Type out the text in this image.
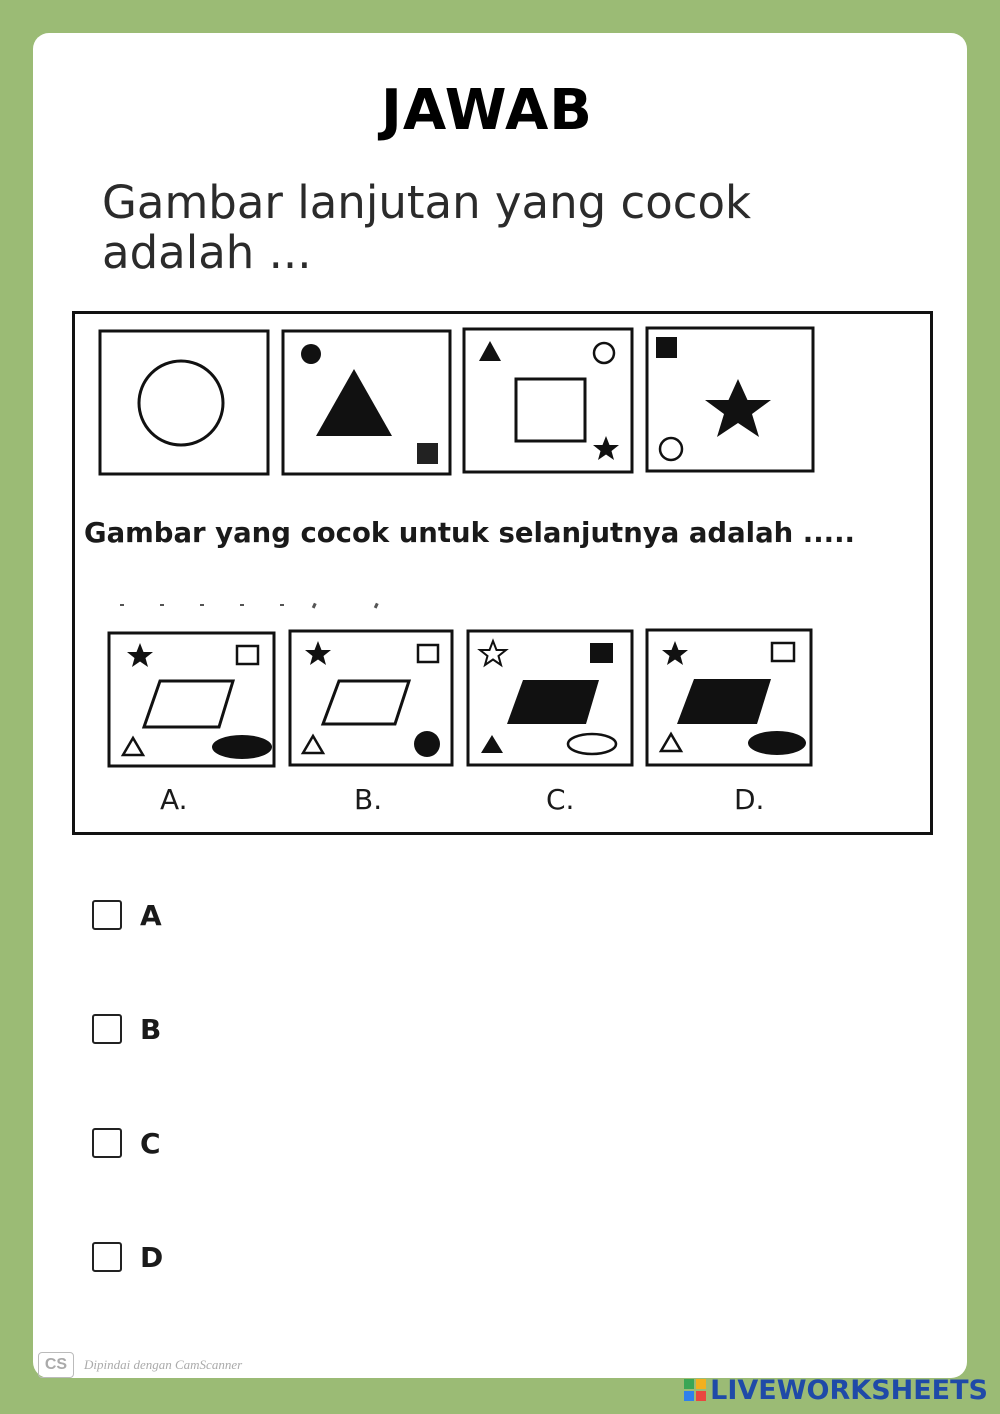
JAWAB
Gambar lanjutan yang cocok adalah ...
Gambar yang cocok untuk selanjutnya adalah .....
A.	B.	C.	D.
A
B
C
D
CS	Dipindai dengan CamScanner
LIVEWORKSHEETS
